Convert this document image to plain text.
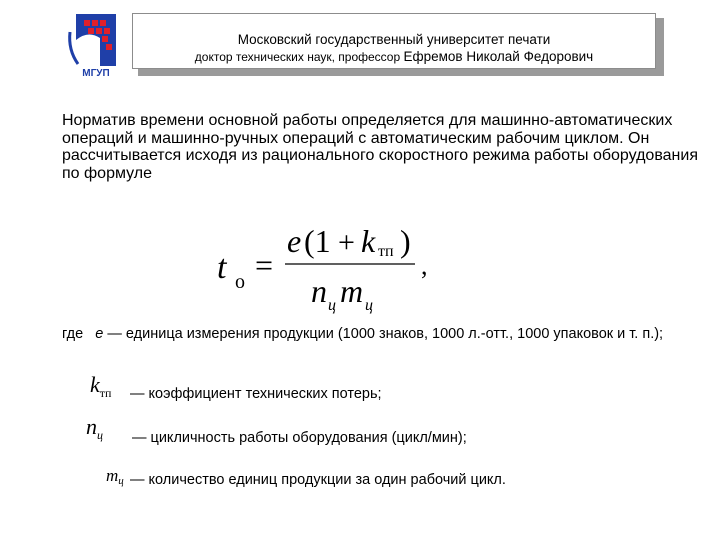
МГУП
Московский государственный университет печати
доктор технических наук, профессор Ефремов Николай Федорович

Норматив времени основной работы определяется для машинно-автоматических операций и машинно-ручных операций с автоматическим рабочим циклом. Он рассчитывается исходя из рационального скоростного режима работы оборудования по формуле

t о =
e (1 + k тп )
n ц m ц
,

где е — единица измерения продукции (1000 знаков, 1000 л.-отт., 1000 упаковок и т. п.);

$k_{тп}$ — коэффициент технических потерь;
$n_ц$ — цикличность работы оборудования (цикл/мин);
$m_ц$ — количество единиц продукции за один рабочий цикл.
